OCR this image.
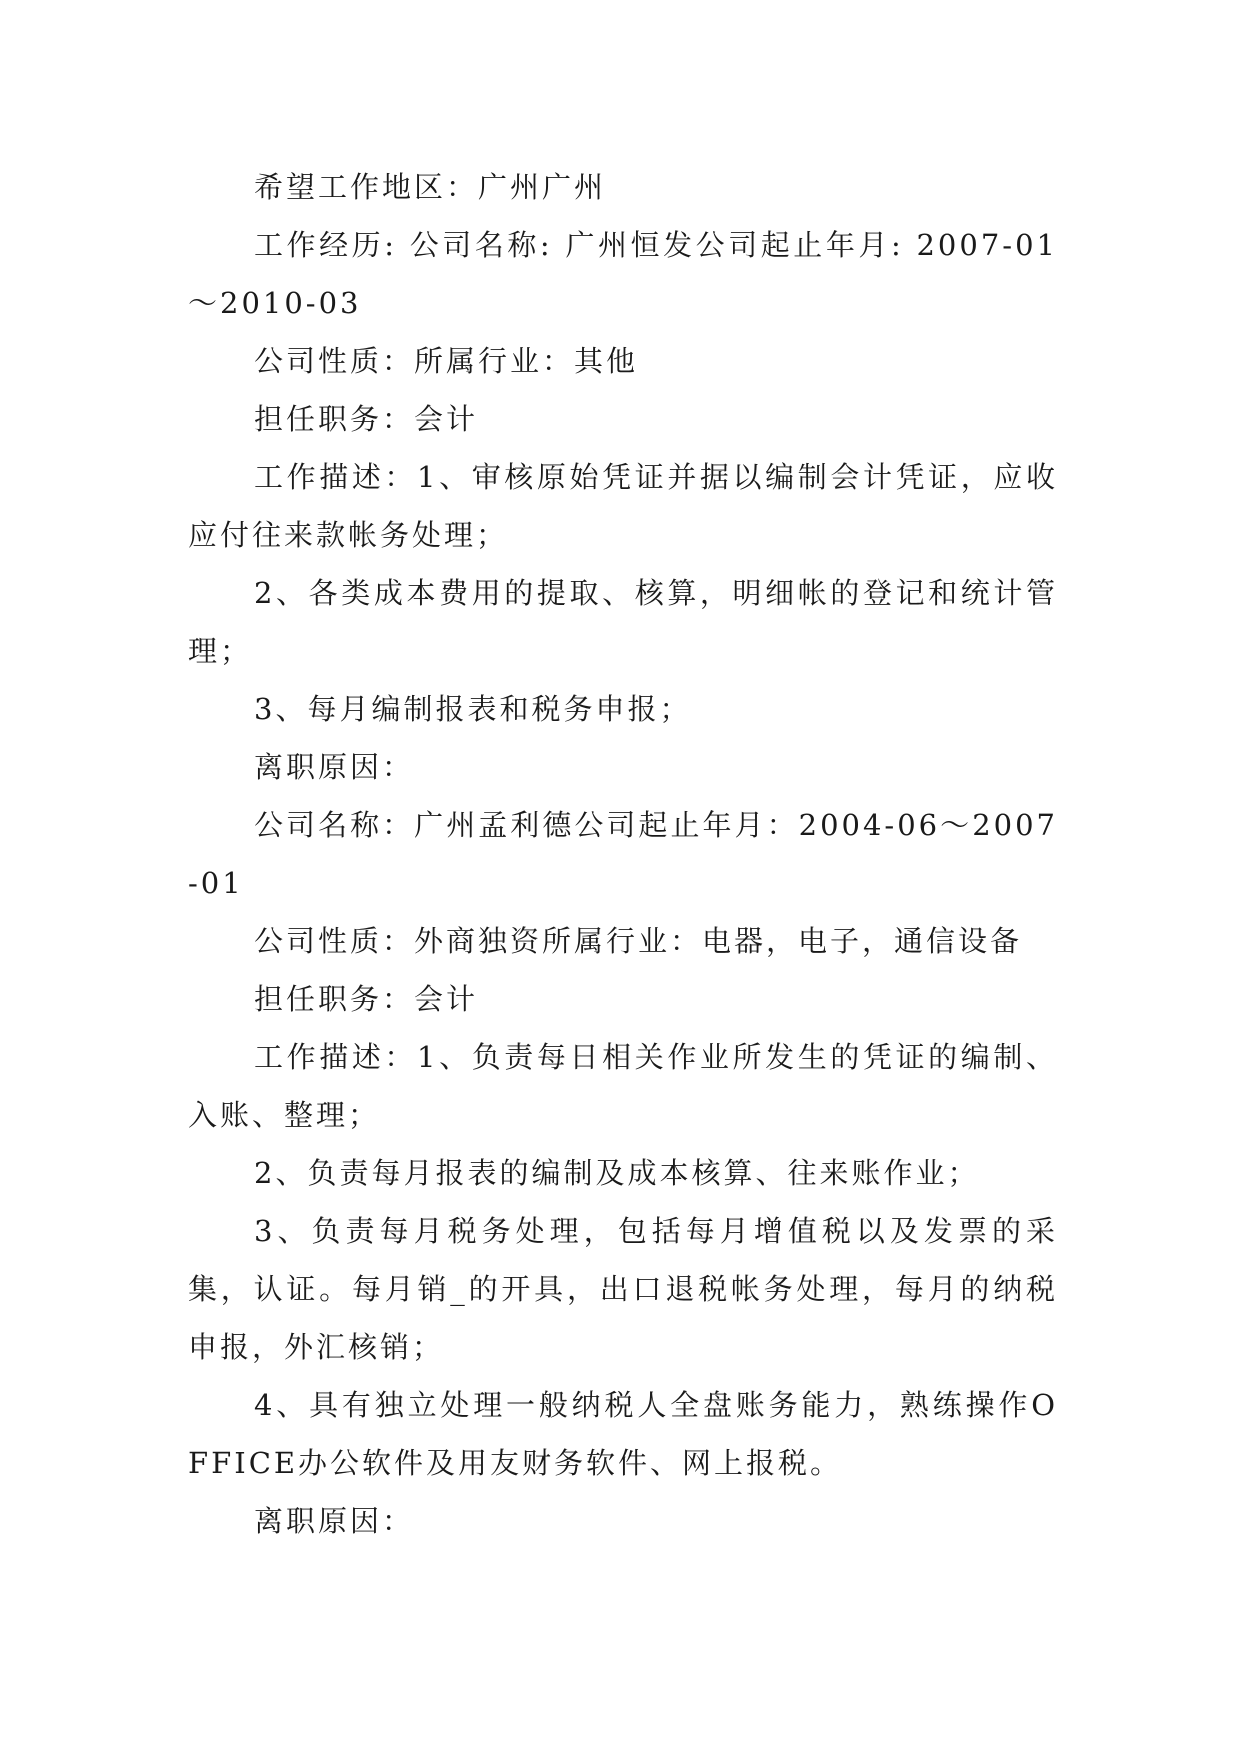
希望工作地区：广州广州

工作经历: 公司名称: 广州恒发公司起止年月: 2007-01～2010-03

公司性质：所属行业：其他

担任职务：会计

工作描述：1、审核原始凭证并据以编制会计凭证，应收应付往来款帐务处理；

2、各类成本费用的提取、核算，明细帐的登记和统计管理；

3、每月编制报表和税务申报；

离职原因：

公司名称：广州孟利德公司起止年月：2004-06～2007-01

公司性质：外商独资所属行业：电器，电子，通信设备

担任职务：会计

工作描述：1、负责每日相关作业所发生的凭证的编制、入账、整理；

2、负责每月报表的编制及成本核算、往来账作业；

3、负责每月税务处理，包括每月增值税以及发票的采集，认证。每月销_的开具，出口退税帐务处理，每月的纳税申报，外汇核销；

4、具有独立处理一般纳税人全盘账务能力，熟练操作OFFICE办公软件及用友财务软件、网上报税。

离职原因：
